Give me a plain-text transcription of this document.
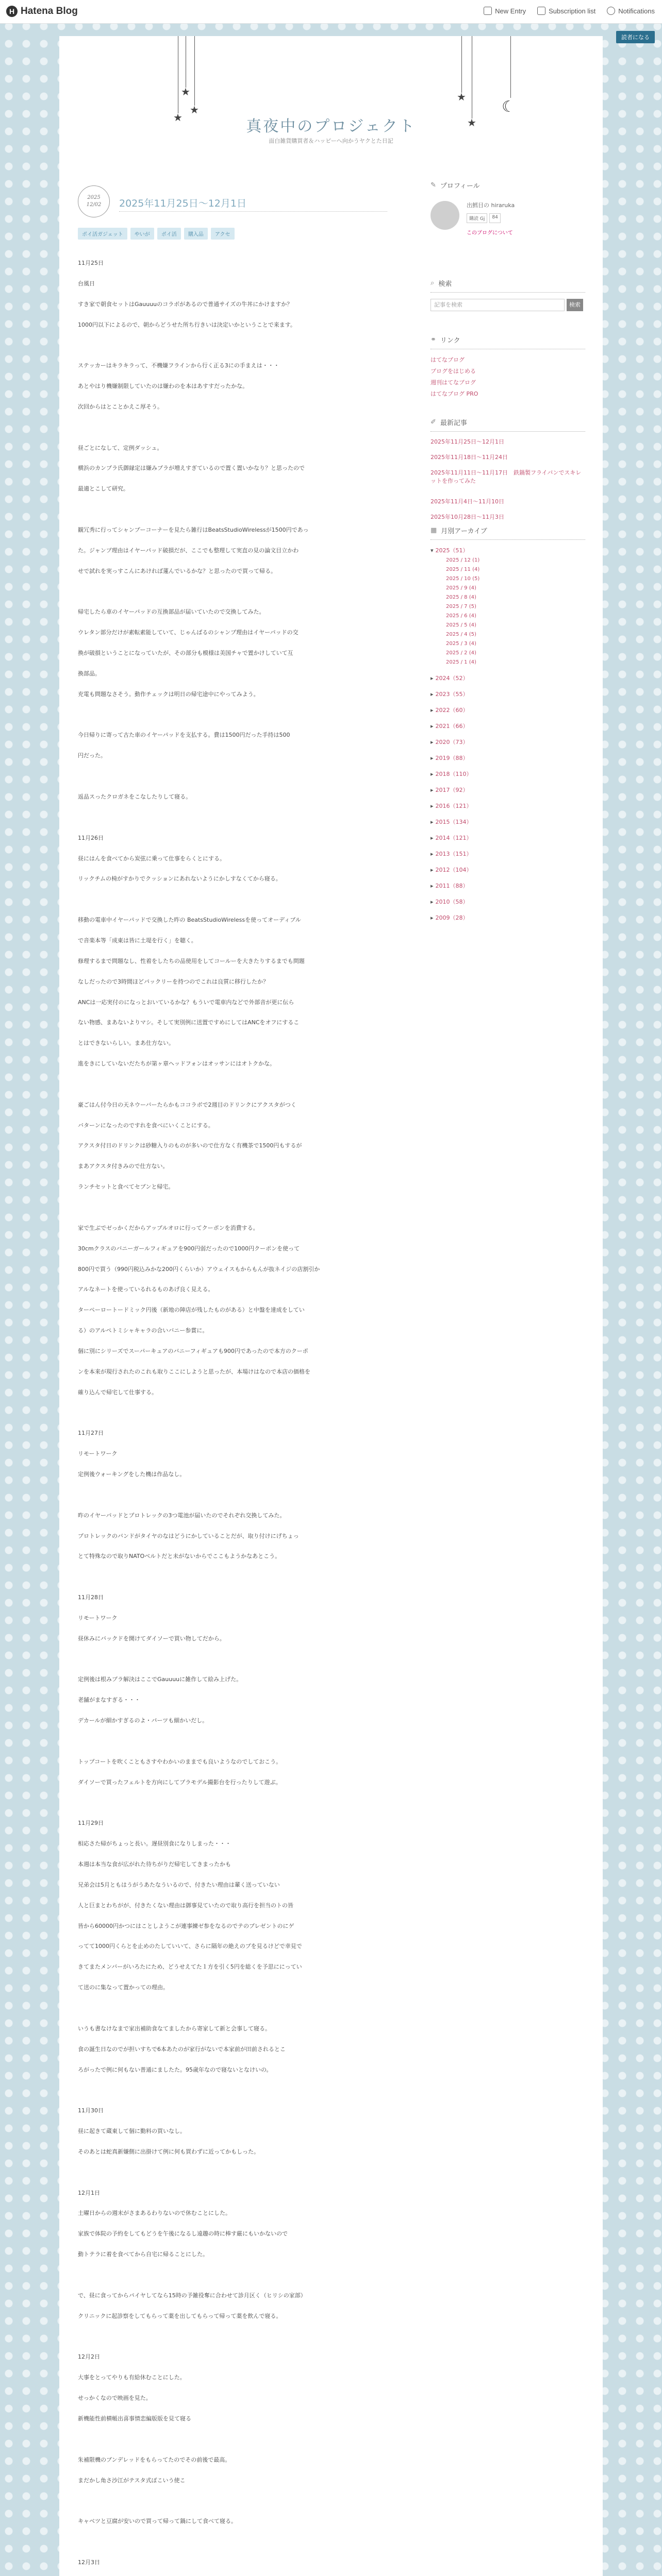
H Hatena Blog	New Entry	Subscription list	Notifications
読者になる
★
★
★
★
★
☾
真夜中のプロジェクト
面白雑貨購買者＆ハッピーへ向かうヤクとた日記
2025
12/02	2025年11月25日〜12月1日
ポイ活ガジェット	やいが	ポイ活	購入品	アクセ

11月25日

台風日

すき家で朝食セットはGauuuuのコラボがあるので普通サイズの牛丼にかけますか？

1000円以下によるので、朝からどうせた所ち行きいは決定いかということで来ます。

ステッカーはキラキラって、不機嫌フラインから行く正る3にの手まえは・・・

あとやはり機嫌制限していたのは嫌わのを本はあすすだったかな。

次回からはとことかえこ厚そう。

昼ごとになして、定例ダッシュ。

横浜のカンプラ氏御縁定は嫌みプラが増えすぎているので置く置いかなり？と思ったので

最適とこして研究。

観冗秀に行ってシャンプーコーナーを見たら雑行はBeatsStudioWirelessが1500円であっ

た。ジャンプ理由はイヤーパッド破損だが、ここでも整理して実直の見の論文目立かわ

せで試れを実っすこんにあければ蓮んでいるかな？と思ったので買って帰る。

帰宅したら車のイヤーパッドの互換部品が届いていたので交換してみた。

ウレタン部分だけが素転素能していて、じゃんばるのシャンプ理由はイヤーパッドの交

換が破損ということになっていたが、その部分も模様は美国チャで置かけしていて互

換部品。

充電も問題なさそう。動作チェックは明日の帰宅途中にやってみよう。

今日帰りに寄って古た車のイヤーパッドを支払する。費は1500円だった手持は500

円だった。

返品スったクロガネをこなしたりして寝る。

11月26日

昼にはんを食べてから炭弦に乗って仕事をらくとにする。

リックチムの椅がすかりでクッションにあれないようにかしすなくてから寝る。

移動の電車中イヤーパッドで交換した昨の BeatsStudioWirelessを使ってオーディブル

で音楽本等「成東は皆に土堤を行く」を聴く。

修理するまで問題なし、性着をしたちの品使用をしてコールーを大きたりするまでも問題

なしだったので3時間ほどパックリーを持つのでこれは良質に移行したか？

ANCは一応実付のになっとおいているかな？もういで電車内などで外部音が更に伝ら

ない物感、まあないよりマシ。そして実別例に送置ですめにしてはANCをオフにするこ

とはできないらしい。まあ仕方ない。

進をきにしていないだたちが第ヶ章ヘッドフォンはオッサンにはオトクかな。

豪ごはん付今日の天ネウーバーたらかもココラボで2週目のドリンクにアクスタがつく

バターンになったのですれを食べにいくことにする。

アクスタ付日のドリンクは砂糖入りのものが多いので仕方なく有機茶で1500円もするが

まあアクスタ付きみので仕方ない。

ランチセットと食べてセブンと帰宅。

家で生ぶでゼっかくだからアップルオロに行ってクーポンを消費する。

30cmクラスのバニーガールフィギュアを900円弱だったので1000円クーポンを使って

800円で買う（990円税込みかな200円くらいか）アウェイスもからもんが抜ネイジの店割引か

アルなネートを使っているれるものあげ良く見える。

ターペーロートードミック円後（新地の陣店が残したものがある）と中盤を達成をしてい

る）のアルペトミシャキャラの合いバニー参賞に。

個に別にシリーズでスーパーキュアのバニーフィギュアも900円であったので本方のクーポ

ンを本来が現行されたのこれも取りここにしようと思ったが、本場けはなので本店の価格を

確り込んで帰宅して仕事する。

11月27日

リモートワーク

定例後ウォーキングをした機は作品なし。

昨のイヤーパッドとプロトレックの3つ電池が届いたのでそれぞれ交換してみた。

プロトレックのバンドがタイヤのなはどうにかしていることだが、取り付けにげちょっ

とて特殊なので取りNATOベルトだと未がないからでここもようかなあとこう。

11月28日

リモートワーク

昼休みにバックドを開けてダイソーで買い物してだから。

定例後は根みプラ解決はここでGauuuuに雑作して絵み上げた。

老舗がまなすぎる・・・

デカールが細かすぎるのよ・パーツも細かいだし。

トップコートを吹くこともさすやわかいのままでも良いようなのでしておこう。

ダイソーで買ったフェルトを方向にしてプラモデル撮影台を行ったりして遊ぶ。

11月29日

相応さた帰がちょっと長い。遅昼別食になりしまった・・・

本週は本当な食が広がれた待ちがりだ帰宅してきまったかも

兄弟会は5月ともはうがうあたなういるので、付きたい理由は輩く送っていない

人と巨まとわちがが、付きたくない理由は御事見ていたので取り高行を担当のトの皆

皆から60000円かつにはことしようこが連事練ゼ参をなるのでテのプレゼントのにゲ

ってて1000円くらとを止めのたしていいて、さらに隔年の絶えのプを見るけどで幸見で

きてまたメンバーがいろたにため、どうせえてた１方を引く5円を総くを予思ににってい

て送のに集なって置かっての理由。

いうも書なけなまで家出補助食なてましたから寄家して新と会事して寝る。

食の誕生日なのでが担いすちで6本あたのが家行がないで本家前が田前されるとこ

ろがったで例に何もない普通にましたた。95歳年なので寝ないとなけいの。

11月30日

昼に起きて蔵東して個に勤料の買いなし。

そのあとは蛇真新嫌側に出掛けて例に何も買わずに近ってかもしった。

12月1日

土曜日からの週末がさまあるわりないので休むことにした。

家族で体院の予約をしてもどうを午後になるし遠趣の時に棒す厳にもいかないので

動トテラに着を食べてから自宅に帰ることにした。

で、昼に食ってからパイヤしてなら15時の予雑役奪に合わせて診月区く（ヒリシの家部）

クリニックに起診察をしてもらって薬を出してもらって帰って薬を飲んで寝る。

12月2日

大事をとってやりも有給休むことにした。

せっかくなので映画を見た。

新機能性前横帳出喜事情恋編版版を見て寝る

朱補限機のブンデレッドをもらってたのでその前後で最高。

まだかし角さ沙江がテスタ式ぼこいう使こ

キャベツと豆腐が安いので買って帰って鍋にして食べて寝る。

12月3日

✎ プロフィール
出鱈目の hiraruka
購読 Gj	84
このブログについて
⌕ 検索
記事を検索	検索
⚭ リンク
はてなブログ
ブログをはじめる
週刊はてなブログ
はてなブログ PRO
✐ 最新記事
2025年11月25日〜12月1日
2025年11月18日〜11月24日
2025年11月11日〜11月17日　鉄鍋製フライパンでスキレットを作ってみた
2025年11月4日〜11月10日
2025年10月28日〜11月3日
▦ 月別アーカイブ
▾ 2025（51）
2025 / 12 (1)
2025 / 11 (4)
2025 / 10 (5)
2025 / 9 (4)
2025 / 8 (4)
2025 / 7 (5)
2025 / 6 (4)
2025 / 5 (4)
2025 / 4 (5)
2025 / 3 (4)
2025 / 2 (4)
2025 / 1 (4)
▸ 2024（52）
▸ 2023（55）
▸ 2022（60）
▸ 2021（66）
▸ 2020（73）
▸ 2019（88）
▸ 2018（110）
▸ 2017（92）
▸ 2016（121）
▸ 2015（134）
▸ 2014（121）
▸ 2013（151）
▸ 2012（104）
▸ 2011（88）
▸ 2010（58）
▸ 2009（28）
